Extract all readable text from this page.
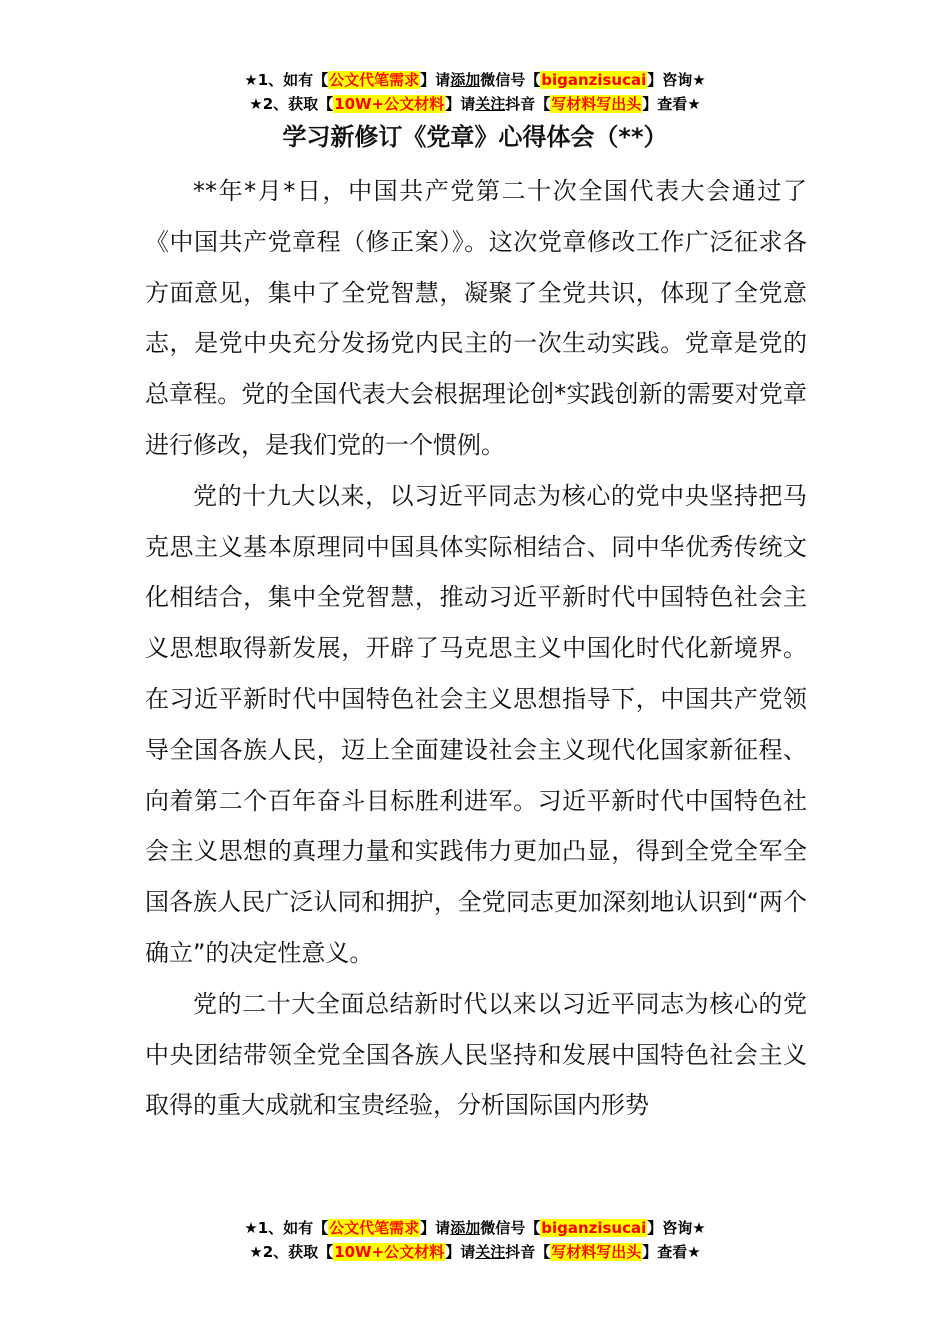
★1、如有【公文代笔需求】请添加微信号【biganzisucai】咨询★
★2、获取【10W+公文材料】请关注抖音【写材料写出头】查看★
学习新修订《党章》心得体会（**）

**年*月*日，中国共产党第二十次全国代表大会通过了《中国共产党章程（修正案）》。这次党章修改工作广泛征求各方面意见，集中了全党智慧，凝聚了全党共识，体现了全党意志，是党中央充分发扬党内民主的一次生动实践。党章是党的总章程。党的全国代表大会根据理论创*实践创新的需要对党章进行修改，是我们党的一个惯例。

党的十九大以来，以习近平同志为核心的党中央坚持把马克思主义基本原理同中国具体实际相结合、同中华优秀传统文化相结合，集中全党智慧，推动习近平新时代中国特色社会主义思想取得新发展，开辟了马克思主义中国化时代化新境界。在习近平新时代中国特色社会主义思想指导下，中国共产党领导全国各族人民，迈上全面建设社会主义现代化国家新征程、向着第二个百年奋斗目标胜利进军。习近平新时代中国特色社会主义思想的真理力量和实践伟力更加凸显，得到全党全军全国各族人民广泛认同和拥护，全党同志更加深刻地认识到“两个确立”的决定性意义。

党的二十大全面总结新时代以来以习近平同志为核心的党中央团结带领全党全国各族人民坚持和发展中国特色社会主义取得的重大成就和宝贵经验，分析国际国内形势

★1、如有【公文代笔需求】请添加微信号【biganzisucai】咨询★
★2、获取【10W+公文材料】请关注抖音【写材料写出头】查看★
